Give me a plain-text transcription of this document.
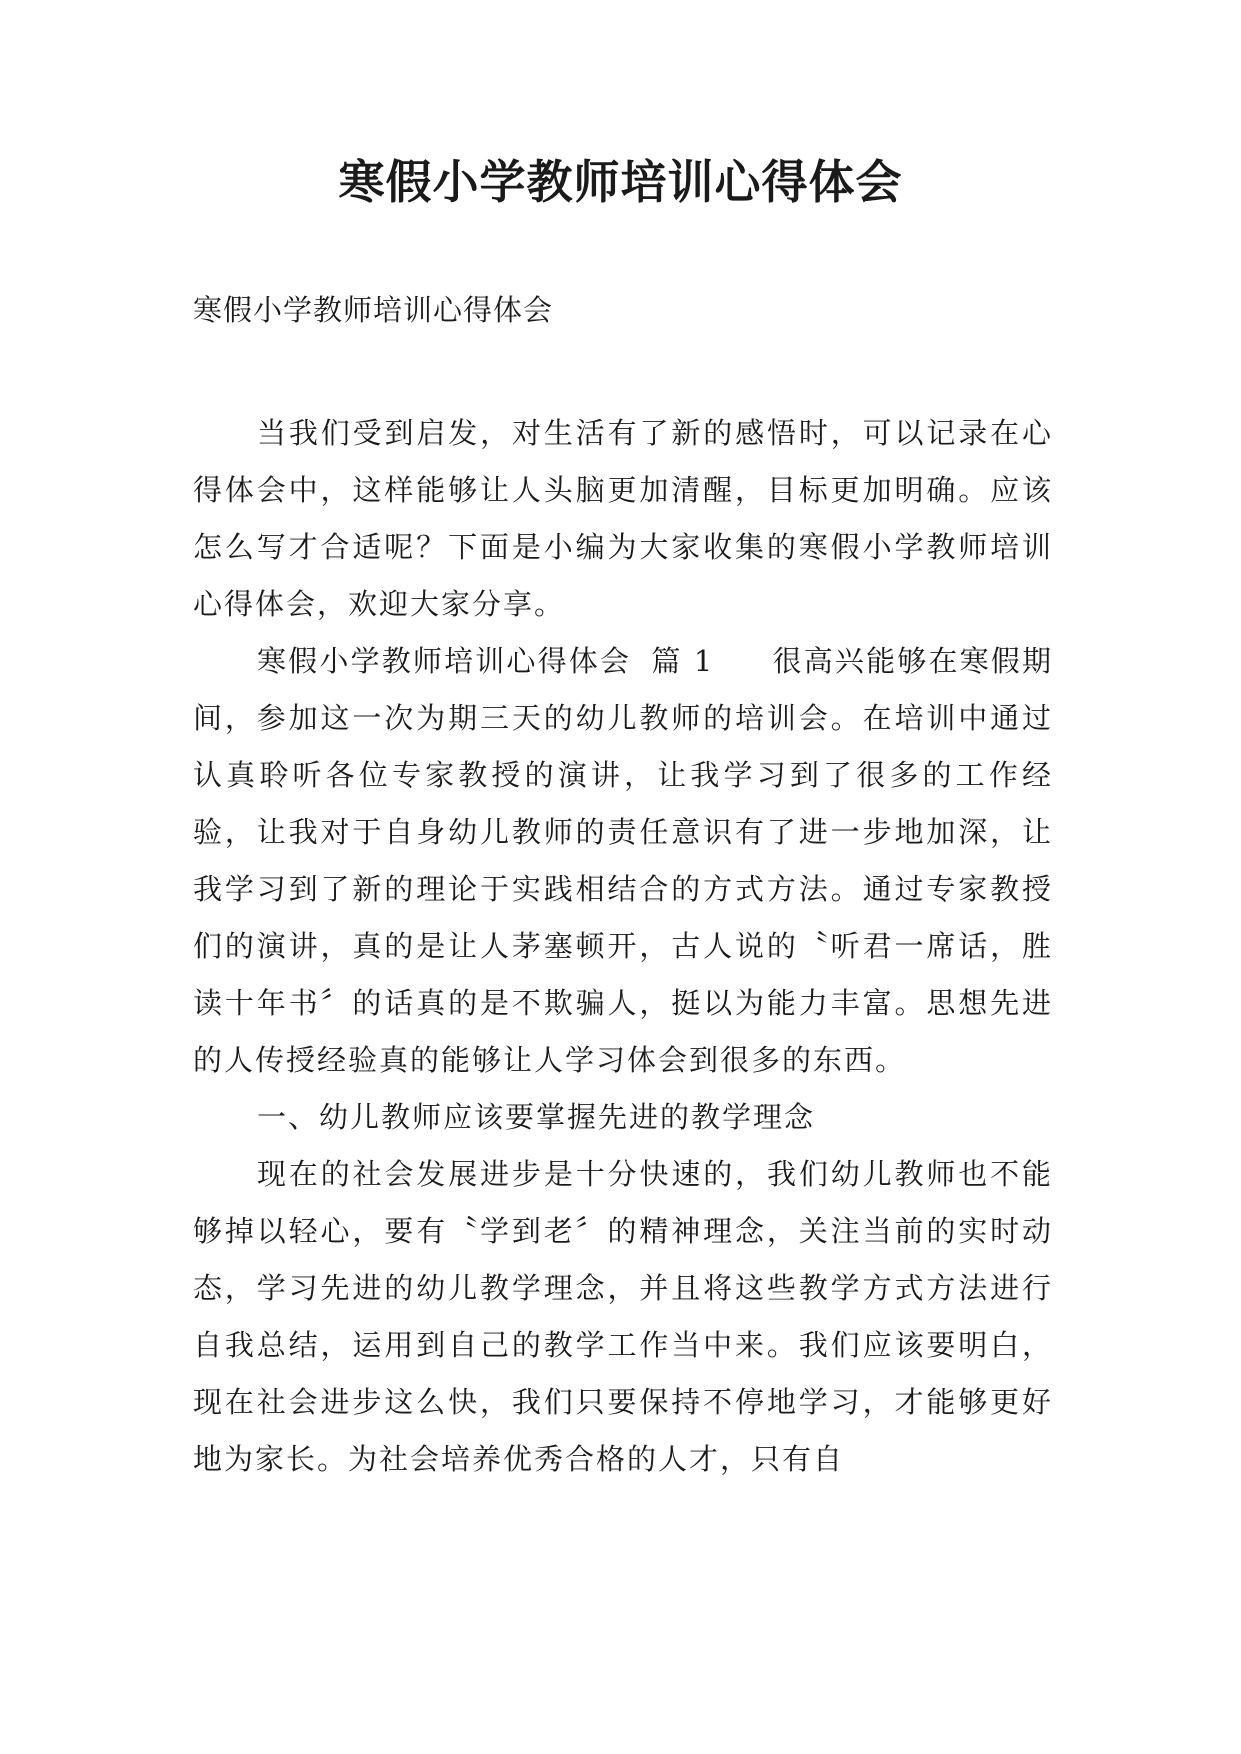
寒假小学教师培训心得体会
寒假小学教师培训心得体会

当我们受到启发，对生活有了新的感悟时，可以记录在心得体会中，这样能够让人头脑更加清醒，目标更加明确。应该怎么写才合适呢？下面是小编为大家收集的寒假小学教师培训心得体会，欢迎大家分享。

寒假小学教师培训心得体会 篇 1 很高兴能够在寒假期间，参加这一次为期三天的幼儿教师的培训会。在培训中通过认真聆听各位专家教授的演讲，让我学习到了很多的工作经验，让我对于自身幼儿教师的责任意识有了进一步地加深，让我学习到了新的理论于实践相结合的方式方法。通过专家教授们的演讲，真的是让人茅塞顿开，古人说的〝听君一席话，胜读十年书〞的话真的是不欺骗人，挺以为能力丰富。思想先进的人传授经验真的能够让人学习体会到很多的东西。

一、幼儿教师应该要掌握先进的教学理念

现在的社会发展进步是十分快速的，我们幼儿教师也不能够掉以轻心，要有〝学到老〞的精神理念，关注当前的实时动态，学习先进的幼儿教学理念，并且将这些教学方式方法进行自我总结，运用到自己的教学工作当中来。我们应该要明白，现在社会进步这么快，我们只要保持不停地学习，才能够更好地为家长。为社会培养优秀合格的人才，只有自
